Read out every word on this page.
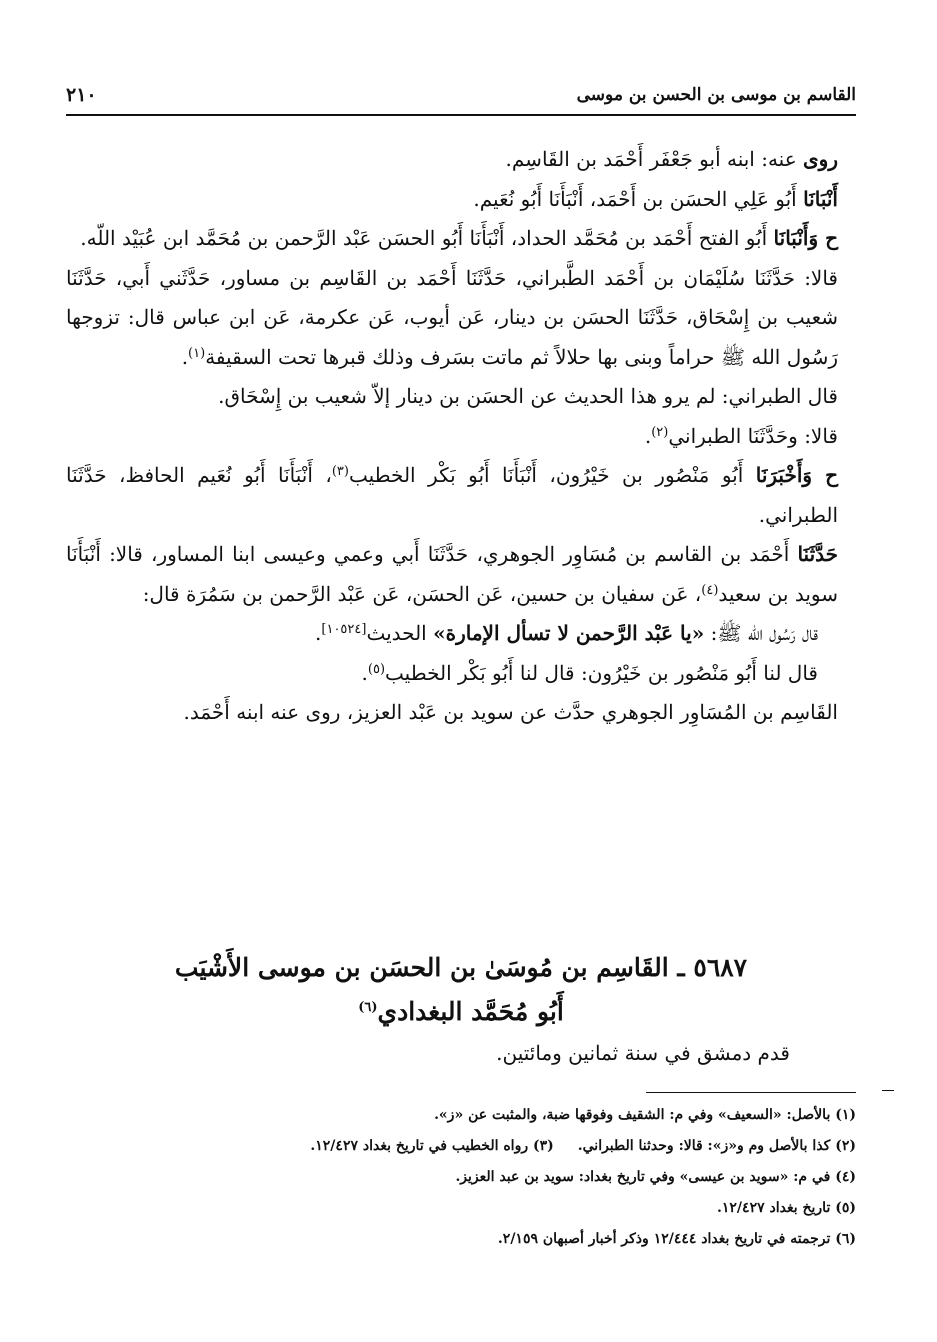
٢١٠	القاسم بن موسى بن الحسن بن موسى

روى عنه: ابنه أبو جَعْفَر أَحْمَد بن القَاسِم.

أَنْبَانَا أَبُو عَلِي الحسَن بن أَحْمَد، أَنْبَأَنَا أَبُو نُعَيم.

ح وَأَنْبَانَا أَبُو الفتح أَحْمَد بن مُحَمَّد الحداد، أَنْبَأَنَا أَبُو الحسَن عَبْد الرَّحمن بن مُحَمَّد ابن عُبَيْد اللّه.

قالا: حَدَّثَنَا سُلَيْمَان بن أَحْمَد الطَّبراني، حَدَّثَنَا أَحْمَد بن القَاسِم بن مساور، حَدَّثَني أَبي، حَدَّثَنَا شعيب بن إِسْحَاق، حَدَّثَنَا الحسَن بن دينار، عَن أيوب، عَن عكرمة، عَن ابن عباس قال: تزوجها رَسُول الله ﷺ حراماً وبنى بها حلالاً ثم ماتت بسَرف وذلك قبرها تحت السقيفة$^{(١)}$.

قال الطبراني: لم يرو هذا الحديث عن الحسَن بن دينار إلاّ شعيب بن إِسْحَاق.

قالا: وحَدَّثَنَا الطبراني$^{(٢)}$.

ح وَأَخْبَرَنَا أَبُو مَنْصُور بن خَيْرُون، أَنْبَأَنَا أَبُو بَكْر الخطيب$^{(٣)}$، أَنْبَأَنَا أَبُو نُعَيم الحافظ، حَدَّثَنَا الطبراني.

حَدَّثَنَا أَحْمَد بن القاسم بن مُسَاوِر الجوهري، حَدَّثَنَا أَبي وعمي وعيسى ابنا المساور، قالا: أَنْبَأَنَا سويد بن سعيد$^{(٤)}$، عَن سفيان بن حسين، عَن الحسَن، عَن عَبْد الرَّحمن بن سَمُرَة قال:

قال رَسُول الله ﷺ: «يا عَبْد الرَّحمن لا تسأل الإمارة» الحديث[١٠٥٢٤].

قال لنا أَبُو مَنْصُور بن خَيْرُون: قال لنا أَبُو بَكْر الخطيب$^{(٥)}$.

القَاسِم بن المُسَاوِر الجوهري حدَّث عن سويد بن عَبْد العزيز، روى عنه ابنه أَحْمَد.

٥٦٨٧ ـ القَاسِم بن مُوسَىٰ بن الحسَن بن موسى الأَشْيَب
أَبُو مُحَمَّد البغدادي$^{(٦)}$
قدم دمشق في سنة ثمانين ومائتين.
(١) بالأصل: «السعيف» وفي م: الشقيف وفوقها ضبة، والمثبت عن «ز».
(٢) كذا بالأصل وم و«ز»: قالا: وحدثنا الطبراني.(٣) رواه الخطيب في تاريخ بغداد ١٢/٤٢٧.
(٤) في م: «سويد بن عيسى» وفي تاريخ بغداد: سويد بن عبد العزيز.
(٥) تاريخ بغداد ١٢/٤٢٧.
(٦) ترجمته في تاريخ بغداد ١٢/٤٤٤ وذكر أخبار أصبهان ٢/١٥٩.
